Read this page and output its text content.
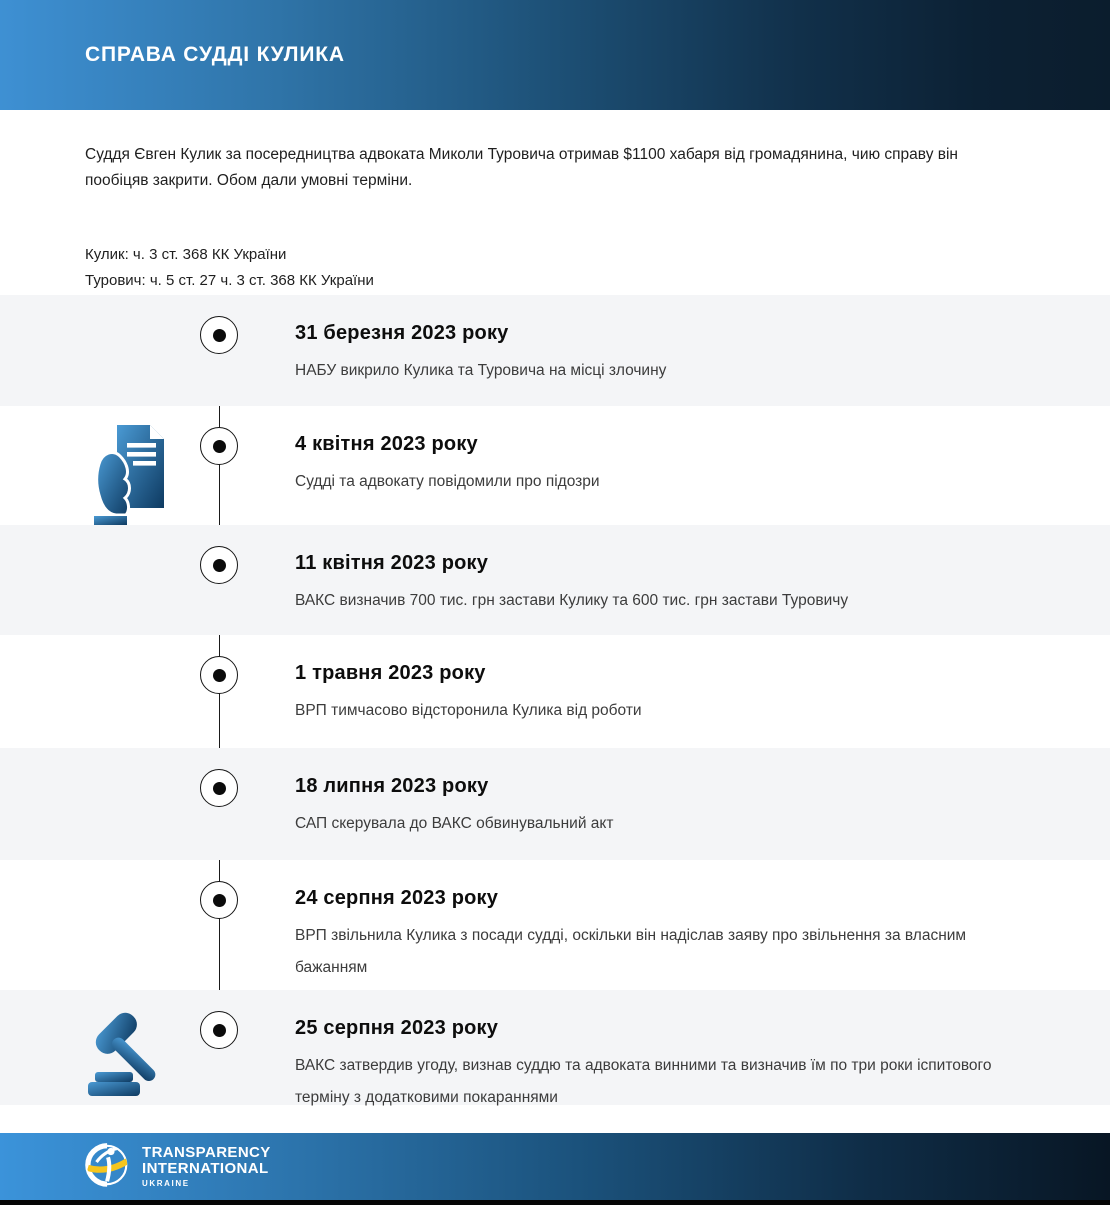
СПРАВА СУДДІ КУЛИКА

Суддя Євген Кулик за посередництва адвоката Миколи Туровича отримав $1100 хабаря від громадянина, чию справу він пообіцяв закрити. Обом дали умовні терміни.

Кулик: ч. 3 ст. 368 КК України
Турович: ч. 5 ст. 27 ч. 3 ст. 368 КК України
31 березня 2023 року
НАБУ викрило Кулика та Туровича на місці злочину
4 квітня 2023 року
Судді та адвокату повідомили про підозри
11 квітня 2023 року
ВАКС визначив 700 тис. грн застави Кулику та 600 тис. грн застави Туровичу
1 травня 2023 року
ВРП тимчасово відсторонила Кулика від роботи
18 липня 2023 року
САП скерувала до ВАКС обвинувальний акт
24 серпня 2023 року
ВРП звільнила Кулика з посади судді, оскільки він надіслав заяву про звільнення за власним бажанням
25 серпня 2023 року
ВАКС затвердив угоду, визнав суддю та адвоката винними та визначив їм по три роки іспитового терміну з додатковими покараннями
TRANSPARENCY
INTERNATIONAL
UKRAINE
